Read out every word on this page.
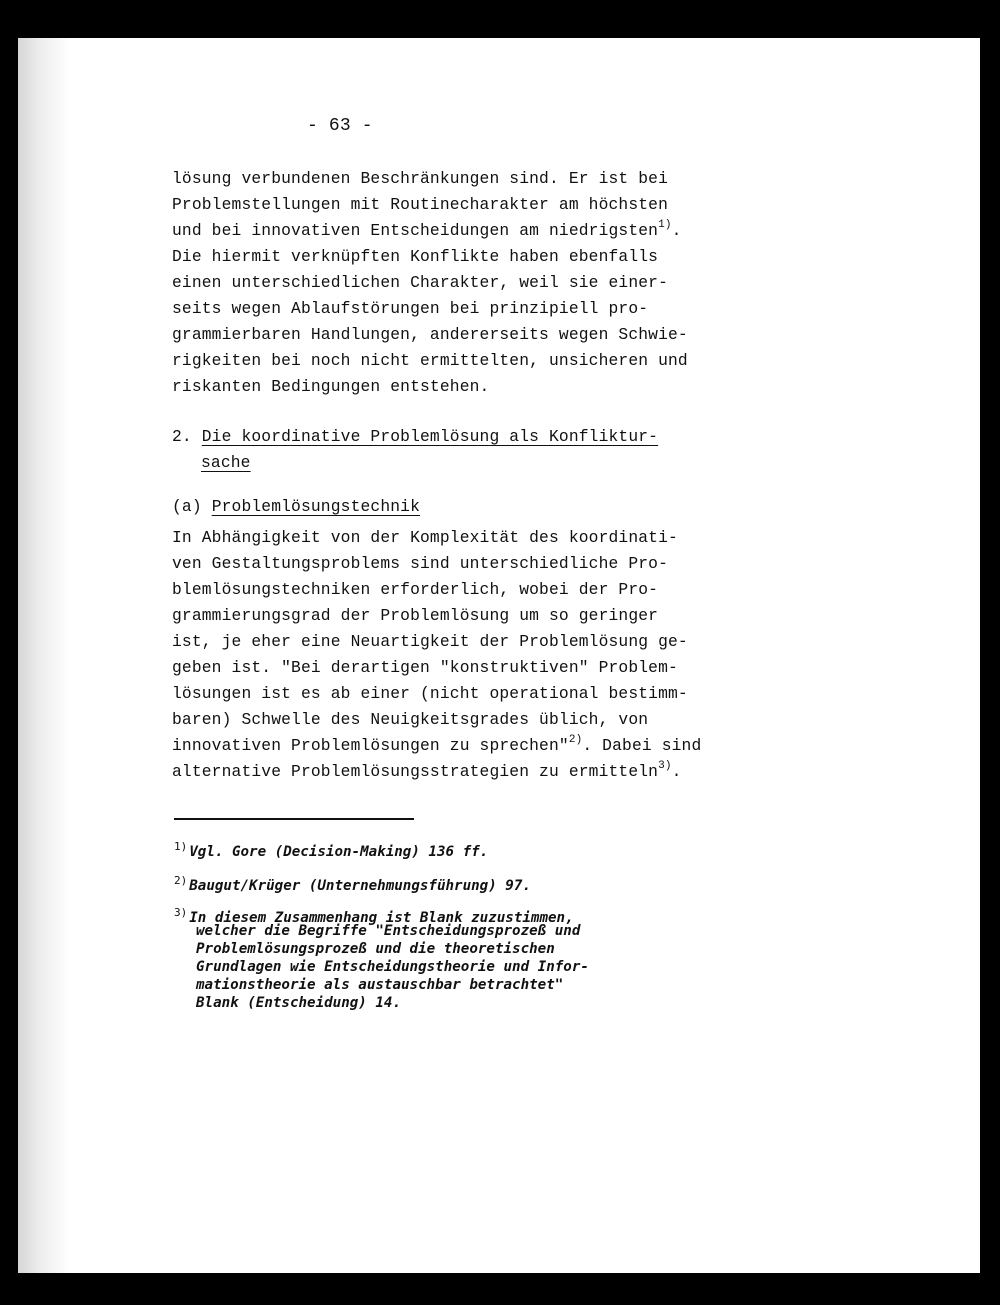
- 63 -
lösung verbundenen Beschränkungen sind. Er ist bei
Problemstellungen mit Routinecharakter am höchsten
und bei innovativen Entscheidungen am niedrigsten$^{1)}$.
Die hiermit verknüpften Konflikte haben ebenfalls
einen unterschiedlichen Charakter, weil sie einer-
seits wegen Ablaufstörungen bei prinzipiell pro-
grammierbaren Handlungen, andererseits wegen Schwie-
rigkeiten bei noch nicht ermittelten, unsicheren und
riskanten Bedingungen entstehen.
2. Die koordinative Problemlösung als Konfliktur-
sache
(a) Problemlösungstechnik
In Abhängigkeit von der Komplexität des koordinati-
ven Gestaltungsproblems sind unterschiedliche Pro-
blemlösungstechniken erforderlich, wobei der Pro-
grammierungsgrad der Problemlösung um so geringer
ist, je eher eine Neuartigkeit der Problemlösung ge-
geben ist. "Bei derartigen "konstruktiven" Problem-
lösungen ist es ab einer (nicht operational bestimm-
baren) Schwelle des Neuigkeitsgrades üblich, von
innovativen Problemlösungen zu sprechen"$^{2)}$. Dabei sind
alternative Problemlösungsstrategien zu ermitteln$^{3)}$.
$^{1)}$ Vgl. Gore (Decision-Making) 136 ff.
$^{2)}$ Baugut/Krüger (Unternehmungsführung) 97.
$^{3)}$ In diesem Zusammenhang ist Blank zuzustimmen,
welcher die Begriffe "Entscheidungsprozeß und
Problemlösungsprozeß und die theoretischen
Grundlagen wie Entscheidungstheorie und Infor-
mationstheorie als austauschbar betrachtet"
Blank (Entscheidung) 14.
